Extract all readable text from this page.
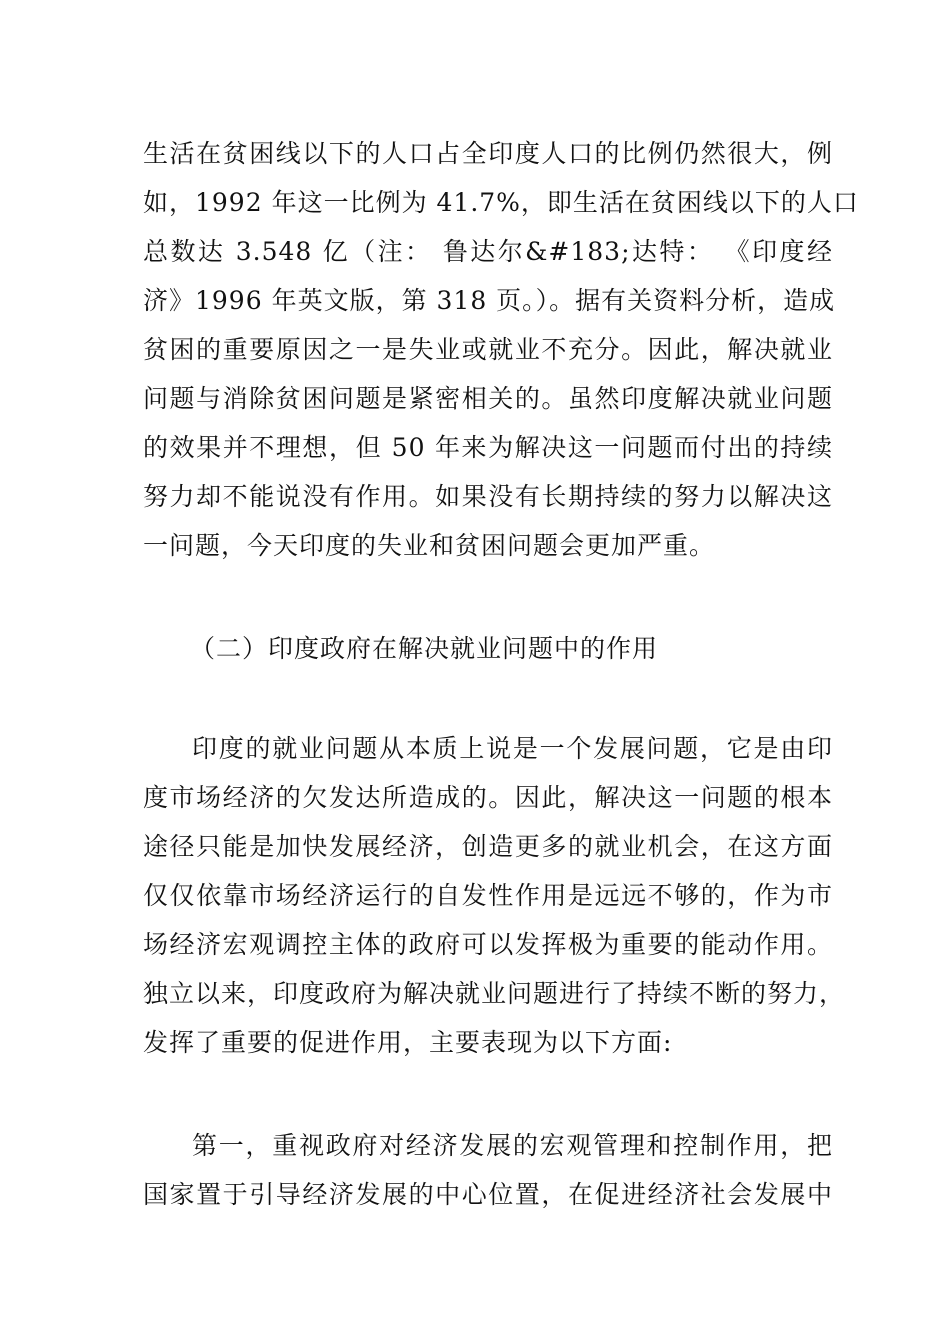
生活在贫困线以下的人口占全印度人口的比例仍然很大，例
如，1992 年这一比例为 41.7%，即生活在贫困线以下的人口
总数达 3.548 亿（注： 鲁达尔&#183;达特： 《印度经
济》1996 年英文版，第 318 页。）。据有关资料分析，造成
贫困的重要原因之一是失业或就业不充分。因此，解决就业
问题与消除贫困问题是紧密相关的。虽然印度解决就业问题
的效果并不理想，但 50 年来为解决这一问题而付出的持续
努力却不能说没有作用。如果没有长期持续的努力以解决这
一问题，今天印度的失业和贫困问题会更加严重。
（二）印度政府在解决就业问题中的作用
印度的就业问题从本质上说是一个发展问题，它是由印
度市场经济的欠发达所造成的。因此，解决这一问题的根本
途径只能是加快发展经济，创造更多的就业机会，在这方面
仅仅依靠市场经济运行的自发性作用是远远不够的，作为市
场经济宏观调控主体的政府可以发挥极为重要的能动作用。
独立以来，印度政府为解决就业问题进行了持续不断的努力，
发挥了重要的促进作用，主要表现为以下方面:
第一，重视政府对经济发展的宏观管理和控制作用，把
国家置于引导经济发展的中心位置，在促进经济社会发展中
